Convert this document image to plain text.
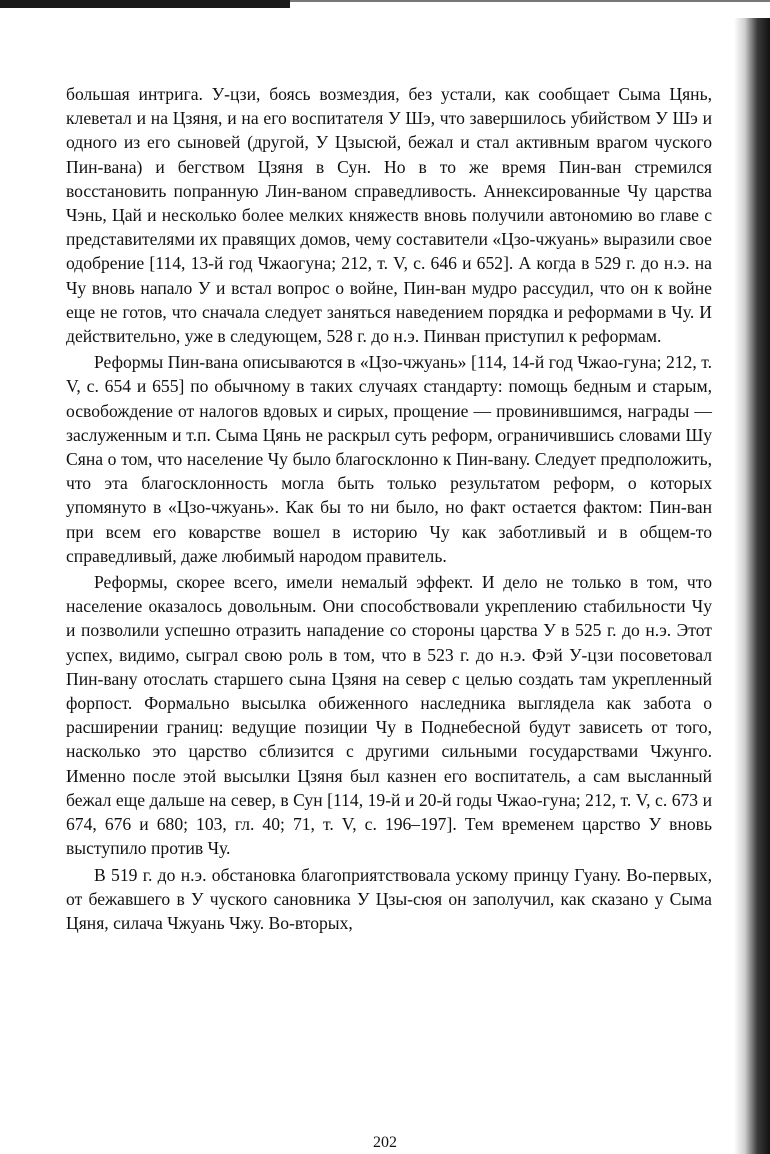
большая интрига. У-цзи, боясь возмездия, без устали, как сообщает Сыма Цянь, клеветал и на Цзяня, и на его воспитателя У Шэ, что завершилось убийством У Шэ и одного из его сыновей (другой, У Цзысюй, бежал и стал активным врагом чуского Пин-вана) и бегством Цзяня в Сун. Но в то же время Пин-ван стремился восстановить попранную Лин-ваном справедливость. Аннексированные Чу царства Чэнь, Цай и несколько более мелких княжеств вновь получили автономию во главе с представителями их правящих домов, чему составители «Цзо-чжуань» выразили свое одобрение [114, 13-й год Чжаогуна; 212, т. V, с. 646 и 652]. А когда в 529 г. до н.э. на Чу вновь напало У и встал вопрос о войне, Пин-ван мудро рассудил, что он к войне еще не готов, что сначала следует заняться наведением порядка и реформами в Чу. И действительно, уже в следующем, 528 г. до н.э. Пинван приступил к реформам.

Реформы Пин-вана описываются в «Цзо-чжуань» [114, 14-й год Чжао-гуна; 212, т. V, с. 654 и 655] по обычному в таких случаях стандарту: помощь бедным и старым, освобождение от налогов вдовых и сирых, прощение — провинившимся, награды — заслуженным и т.п. Сыма Цянь не раскрыл суть реформ, ограничившись словами Шу Сяна о том, что население Чу было благосклонно к Пин-вану. Следует предположить, что эта благосклонность могла быть только результатом реформ, о которых упомянуто в «Цзо-чжуань». Как бы то ни было, но факт остается фактом: Пин-ван при всем его коварстве вошел в историю Чу как заботливый и в общем-то справедливый, даже любимый народом правитель.

Реформы, скорее всего, имели немалый эффект. И дело не только в том, что население оказалось довольным. Они способствовали укреплению стабильности Чу и позволили успешно отразить нападение со стороны царства У в 525 г. до н.э. Этот успех, видимо, сыграл свою роль в том, что в 523 г. до н.э. Фэй У-цзи посоветовал Пин-вану отослать старшего сына Цзяня на север с целью создать там укрепленный форпост. Формально высылка обиженного наследника выглядела как забота о расширении границ: ведущие позиции Чу в Поднебесной будут зависеть от того, насколько это царство сблизится с другими сильными государствами Чжунго. Именно после этой высылки Цзяня был казнен его воспитатель, а сам высланный бежал еще дальше на север, в Сун [114, 19-й и 20-й годы Чжао-гуна; 212, т. V, с. 673 и 674, 676 и 680; 103, гл. 40; 71, т. V, с. 196–197]. Тем временем царство У вновь выступило против Чу.

В 519 г. до н.э. обстановка благоприятствовала ускому принцу Гуану. Во-первых, от бежавшего в У чуского сановника У Цзы-сюя он заполучил, как сказано у Сыма Цяня, силача Чжуань Чжу. Во-вторых,

202
